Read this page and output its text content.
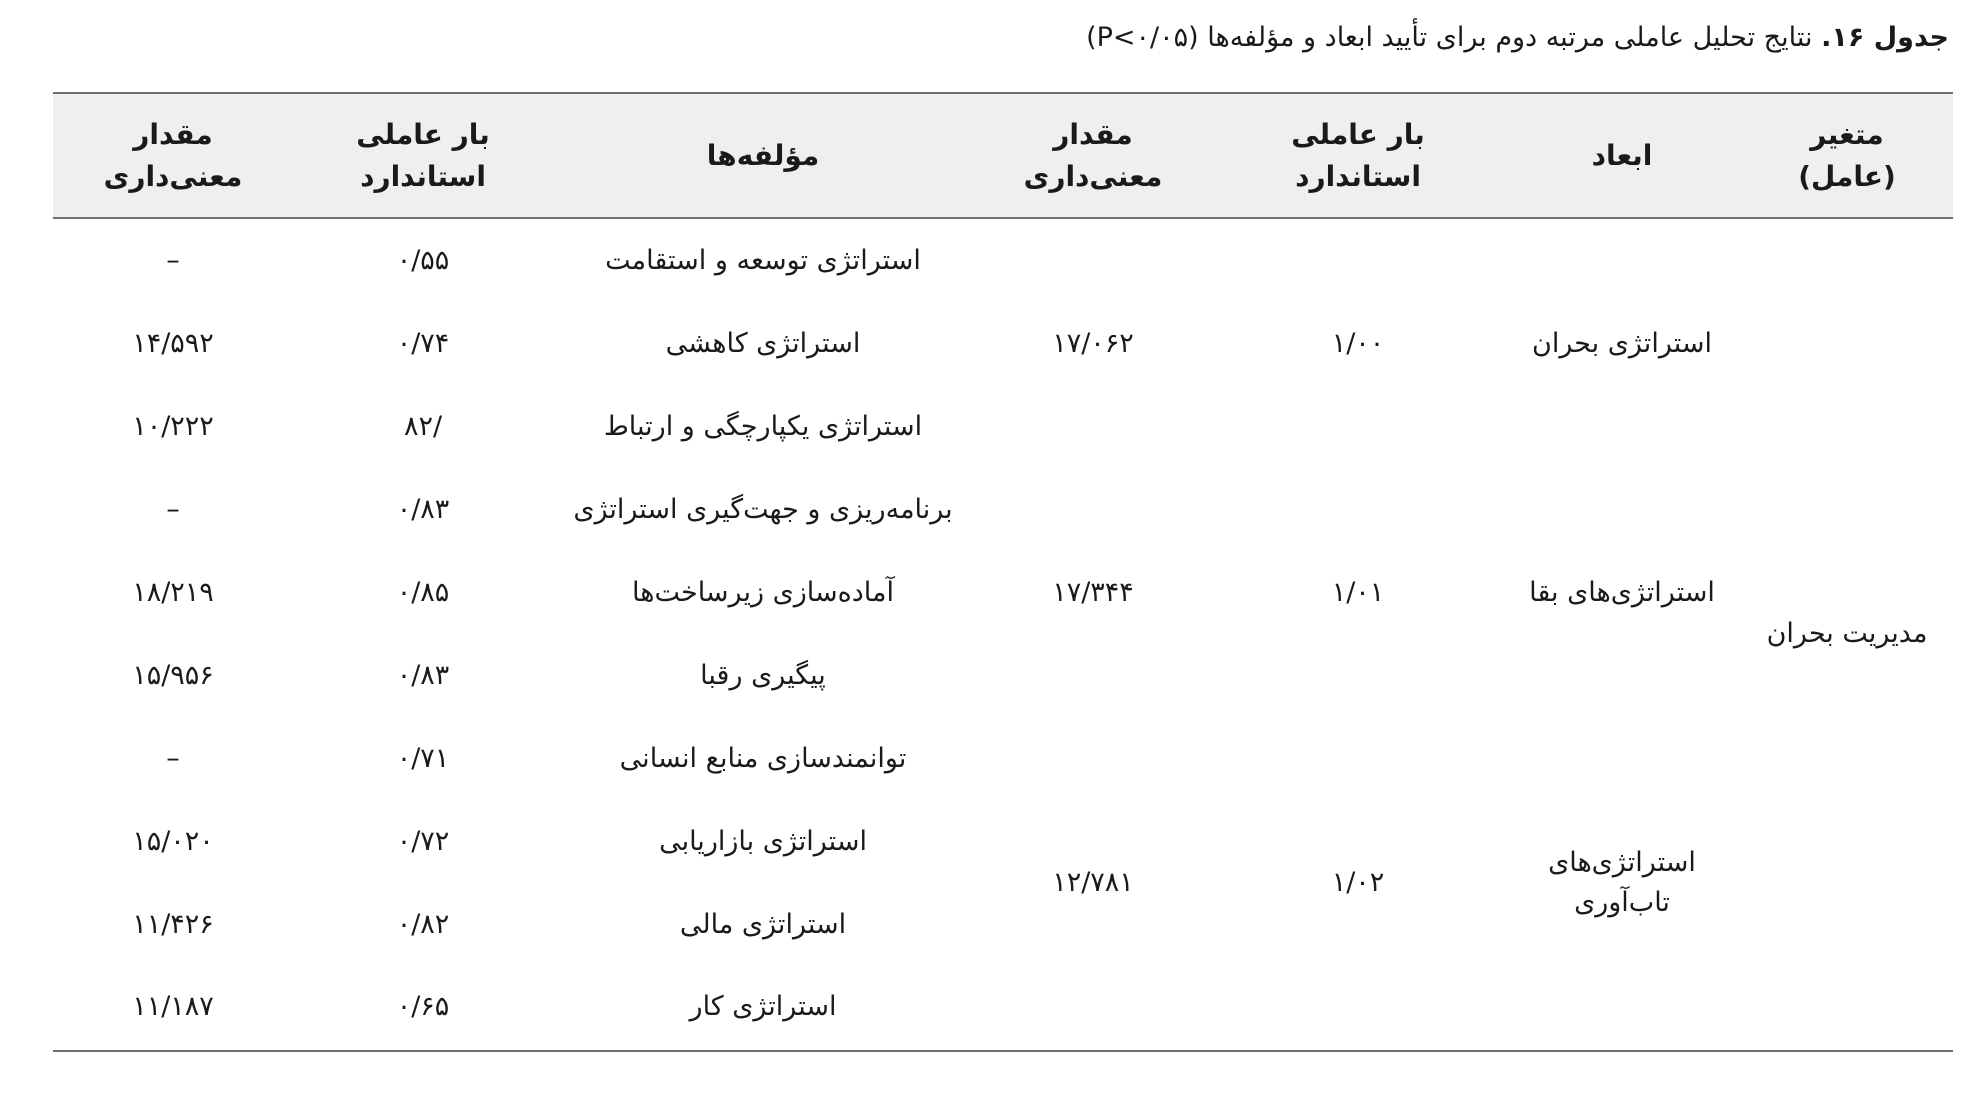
جدول ۱۶. نتایج تحلیل عاملی مرتبه دوم برای تأیید ابعاد و مؤلفه‌ها (P<۰/۰۵)
متغیر
(عامل)
ابعاد
بار عاملی
استاندارد
مقدار
معنی‌داری
مؤلفه‌ها
بار عاملی
استاندارد
مقدار
معنی‌داری
مدیریت بحران
استراتژی بحران
۱/۰۰
۱۷/۰۶۲
استراتژی‌های بقا
۱/۰۱
۱۷/۳۴۴
استراتژی‌های تاب‌آوری
۱/۰۲
۱۲/۷۸۱
استراتژی توسعه و استقامت
۰/۵۵
–
استراتژی کاهشی
۰/۷۴
۱۴/۵۹۲
استراتژی یکپارچگی و ارتباط
/۸۲
۱۰/۲۲۲
برنامه‌ریزی و جهت‌گیری استراتژی
۰/۸۳
–
آماده‌سازی زیرساخت‌ها
۰/۸۵
۱۸/۲۱۹
پیگیری رقبا
۰/۸۳
۱۵/۹۵۶
توانمندسازی منابع انسانی
۰/۷۱
–
استراتژی بازاریابی
۰/۷۲
۱۵/۰۲۰
استراتژی مالی
۰/۸۲
۱۱/۴۲۶
استراتژی کار
۰/۶۵
۱۱/۱۸۷
